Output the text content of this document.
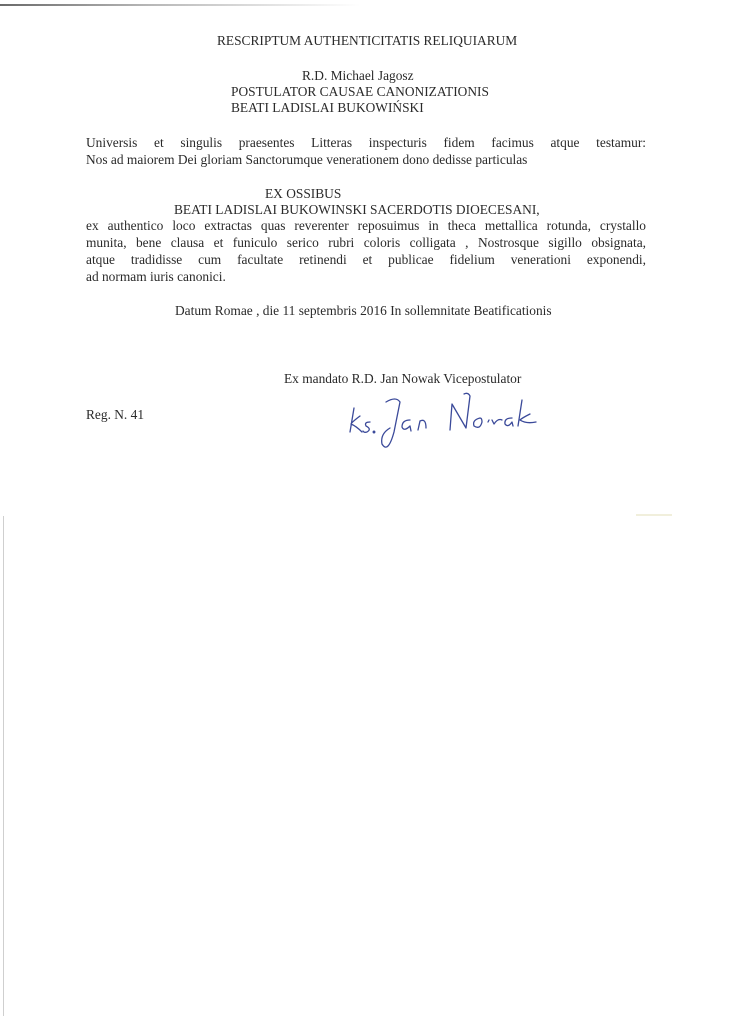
RESCRIPTUM AUTHENTICITATIS RELIQUIARUM
R.D. Michael Jagosz
POSTULATOR CAUSAE CANONIZATIONIS
BEATI LADISLAI BUKOWIŃSKI
Universis et singulis praesentes Litteras inspecturis fidem facimus atque testamur:
Nos ad maiorem Dei gloriam Sanctorumque venerationem dono dedisse particulas
EX OSSIBUS
BEATI LADISLAI BUKOWINSKI SACERDOTIS DIOECESANI,
ex authentico loco extractas quas reverenter reposuimus in theca mettallica rotunda, crystallo
munita, bene clausa et funiculo serico rubri coloris colligata , Nostrosque sigillo obsignata,
atque tradidisse cum facultate retinendi et publicae fidelium venerationi exponendi,
ad normam iuris canonici.
Datum Romae , die 11 septembris 2016 In sollemnitate Beatificationis
Ex mandato R.D. Jan Nowak Vicepostulator
Reg. N. 41
